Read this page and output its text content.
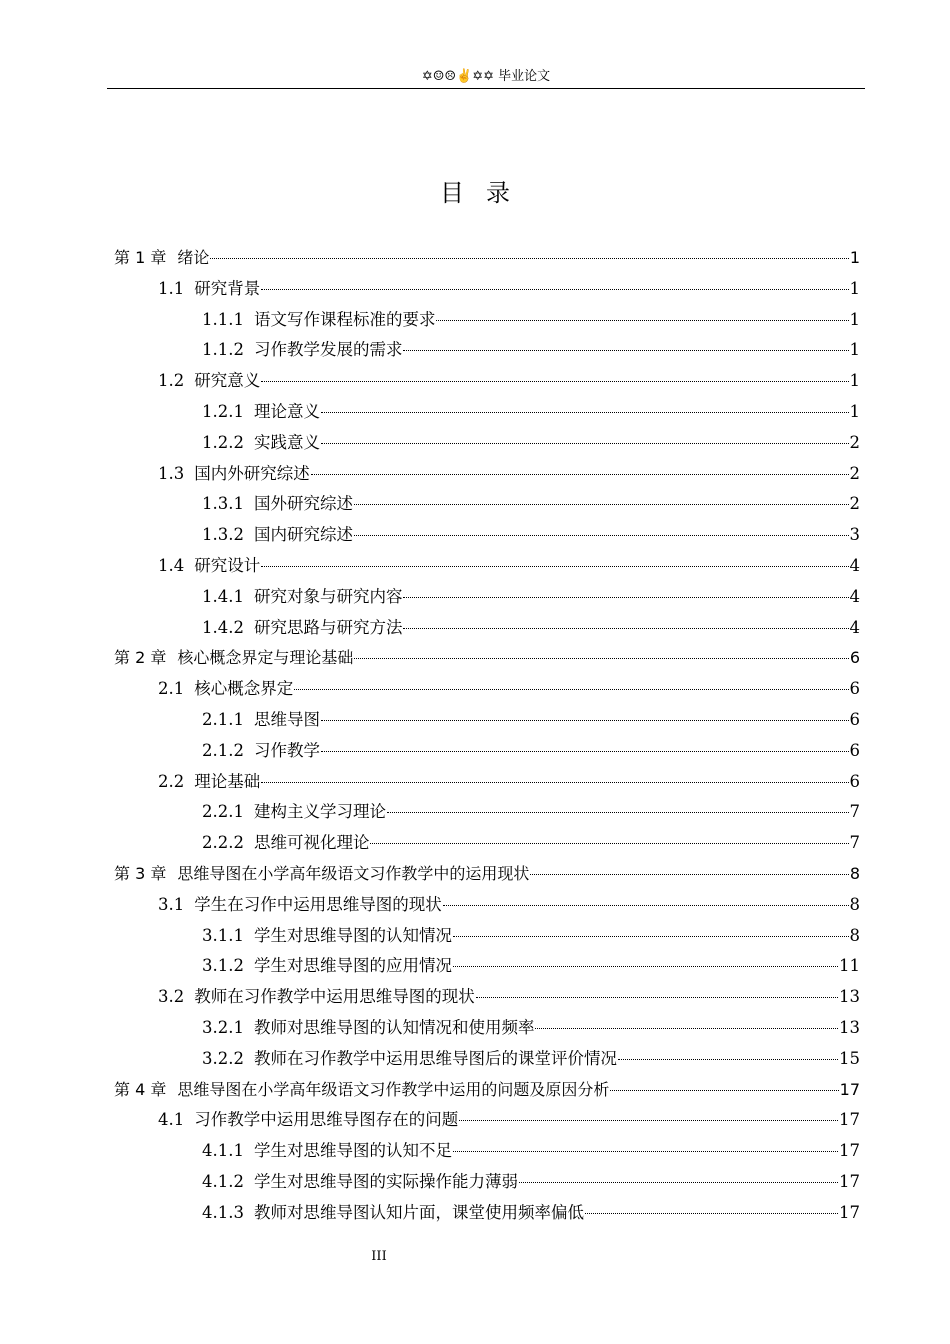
✡☺☹✌✡✡ 毕业论文
目录
第 1 章 绪论	1
1.1 研究背景	1
1.1.1 语文写作课程标准的要求	1
1.1.2 习作教学发展的需求	1
1.2 研究意义	1
1.2.1 理论意义	1
1.2.2 实践意义	2
1.3 国内外研究综述	2
1.3.1 国外研究综述	2
1.3.2 国内研究综述	3
1.4 研究设计	4
1.4.1 研究对象与研究内容	4
1.4.2 研究思路与研究方法	4
第 2 章 核心概念界定与理论基础	6
2.1 核心概念界定	6
2.1.1 思维导图	6
2.1.2 习作教学	6
2.2 理论基础	6
2.2.1 建构主义学习理论	7
2.2.2 思维可视化理论	7
第 3 章 思维导图在小学高年级语文习作教学中的运用现状	8
3.1 学生在习作中运用思维导图的现状	8
3.1.1 学生对思维导图的认知情况	8
3.1.2 学生对思维导图的应用情况	11
3.2 教师在习作教学中运用思维导图的现状	13
3.2.1 教师对思维导图的认知情况和使用频率	13
3.2.2 教师在习作教学中运用思维导图后的课堂评价情况	15
第 4 章 思维导图在小学高年级语文习作教学中运用的问题及原因分析	17
4.1 习作教学中运用思维导图存在的问题	17
4.1.1 学生对思维导图的认知不足	17
4.1.2 学生对思维导图的实际操作能力薄弱	17
4.1.3 教师对思维导图认知片面，课堂使用频率偏低	17
III
